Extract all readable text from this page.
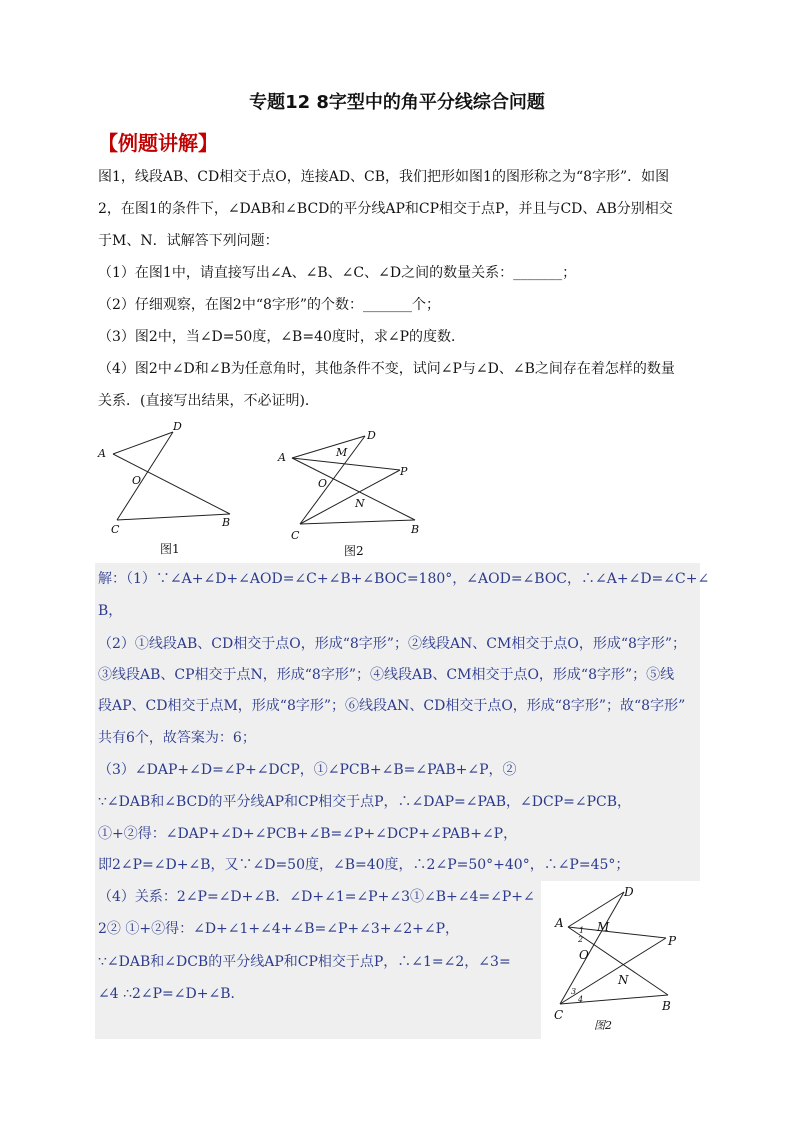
专题12 8字型中的角平分线综合问题
【例题讲解】
图1，线段AB、CD相交于点O，连接AD、CB，我们把形如图1的图形称之为“8字形”．如图
2，在图1的条件下，∠DAB和∠BCD的平分线AP和CP相交于点P，并且与CD、AB分别相交
于M、N．试解答下列问题：
（1）在图1中，请直接写出∠A、∠B、∠C、∠D之间的数量关系：_______；
（2）仔细观察，在图2中“8字形”的个数：_______个；
（3）图2中，当∠D=50度，∠B=40度时，求∠P的度数．
（4）图2中∠D和∠B为任意角时，其他条件不变，试问∠P与∠D、∠B之间存在着怎样的数量
关系．(直接写出结果，不必证明)．
A
D
O
C
B
图1
A
D
M
P
O
N
C	B
图2
解：（1）∵∠A+∠D+∠AOD=∠C+∠B+∠BOC=180°，∠AOD=∠BOC，∴∠A+∠D=∠C+∠
B，
（2）①线段AB、CD相交于点O，形成“8字形”；②线段AN、CM相交于点O，形成“8字形”；
③线段AB、CP相交于点N，形成“8字形”；④线段AB、CM相交于点O，形成“8字形”；⑤线
段AP、CD相交于点M，形成“8字形”；⑥线段AN、CD相交于点O，形成“8字形”；故“8字形”
共有6个，故答案为：6；
（3）∠DAP+∠D=∠P+∠DCP，①∠PCB+∠B=∠PAB+∠P，②
∵∠DAB和∠BCD的平分线AP和CP相交于点P，∴∠DAP=∠PAB，∠DCP=∠PCB，
①+②得：∠DAP+∠D+∠PCB+∠B=∠P+∠DCP+∠PAB+∠P，
即2∠P=∠D+∠B，又∵∠D=50度，∠B=40度，∴2∠P=50°+40°，∴∠P=45°；
（4）关系：2∠P=∠D+∠B．∠D+∠1=∠P+∠3①∠B+∠4=∠P+∠
2② ①+②得：∠D+∠1+∠4+∠B=∠P+∠3+∠2+∠P，
∵∠DAB和∠DCB的平分线AP和CP相交于点P，∴∠1=∠2，∠3=
∠4 ∴2∠P=∠D+∠B．
A
D
M
P
O
N
C
B
1
2
3
4
图2
